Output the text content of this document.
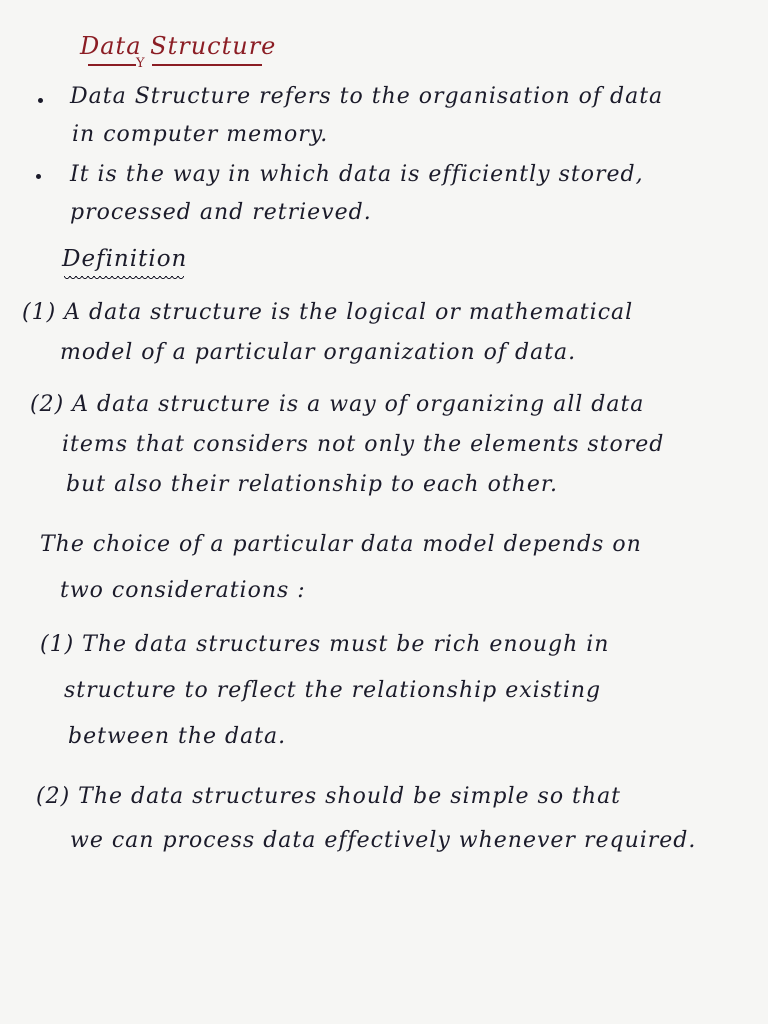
Data Structure
Y
Data Structure refers to the organisation of data
in computer memory.
It is the way in which data is efficiently stored,
processed and retrieved.
Definition
(1) A data structure is the logical or mathematical
model of a particular organization of data.
(2) A data structure is a way of organizing all data
items that considers not only the elements stored
but also their relationship to each other.
The choice of a particular data model depends on
two considerations :
(1) The data structures must be rich enough in
structure to reflect the relationship existing
between the data.
(2) The data structures should be simple so that
we can process data effectively whenever required.
